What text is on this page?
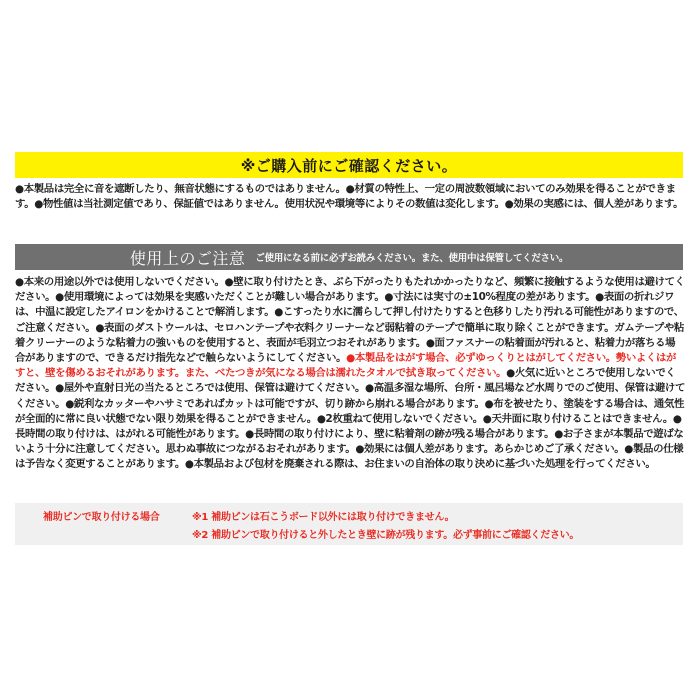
※ご購入前にご確認ください。
●本製品は完全に音を遮断したり、無音状態にするものではありません。●材質の特性上、一定の周波数領域においてのみ効果を得ることができます。●物性値は当社測定値であり、保証値ではありません。使用状況や環境等によりその数値は変化します。●効果の実感には、個人差があります。
使用上のご注意 ご使用になる前に必ずお読みください。また、使用中は保管してください。
●本来の用途以外では使用しないでください。●壁に取り付けたとき、ぶら下がったりもたれかかったりなど、頻繁に接触するような使用は避けてください。●使用環境によっては効果を実感いただくことが難しい場合があります。●寸法には実寸の±10%程度の差があります。●表面の折れジワは、中温に設定したアイロンをかけることで解消します。●こすったり水に濡らして押し付けたりすると色移りしたり汚れる可能性がありますので、ご注意ください。●表面のダストウールは、セロハンテープや衣料クリーナーなど弱粘着のテープで簡単に取り除くことができます。ガムテープや粘着クリーナーのような粘着力の強いものを使用すると、表面が毛羽立つおそれがあります。●面ファスナーの粘着面が汚れると、粘着力が落ちる場合がありますので、できるだけ指先などで触らないようにしてください。●本製品をはがす場合、必ずゆっくりとはがしてください。勢いよくはがすと、壁を傷めるおそれがあります。また、べたつきが気になる場合は濡れたタオルで拭き取ってください。●火気に近いところで使用しないでください。●屋外や直射日光の当たるところでは使用、保管は避けてください。●高温多湿な場所、台所・風呂場など水周りでのご使用、保管は避けてください。●鋭利なカッターやハサミであればカットは可能ですが、切り跡から崩れる場合があります。●布を被せたり、塗装をする場合は、通気性が全面的に常に良い状態でない限り効果を得ることができません。●2枚重ねて使用しないでください。●天井面に取り付けることはできません。●長時間の取り付けは、はがれる可能性があります。●長時間の取り付けにより、壁に粘着剤の跡が残る場合があります。●お子さまが本製品で遊ばないよう十分に注意してください。思わぬ事故につながるおそれがあります。●効果には個人差があります。あらかじめご了承ください。●製品の仕様は予告なく変更することがあります。●本製品および包材を廃棄される際は、お住まいの自治体の取り決めに基づいた処理を行ってください。
補助ピンで取り付ける場合	※1 補助ピンは石こうボード以外には取り付けできません。
※2 補助ピンで取り付けると外したとき壁に跡が残ります。必ず事前にご確認ください。
